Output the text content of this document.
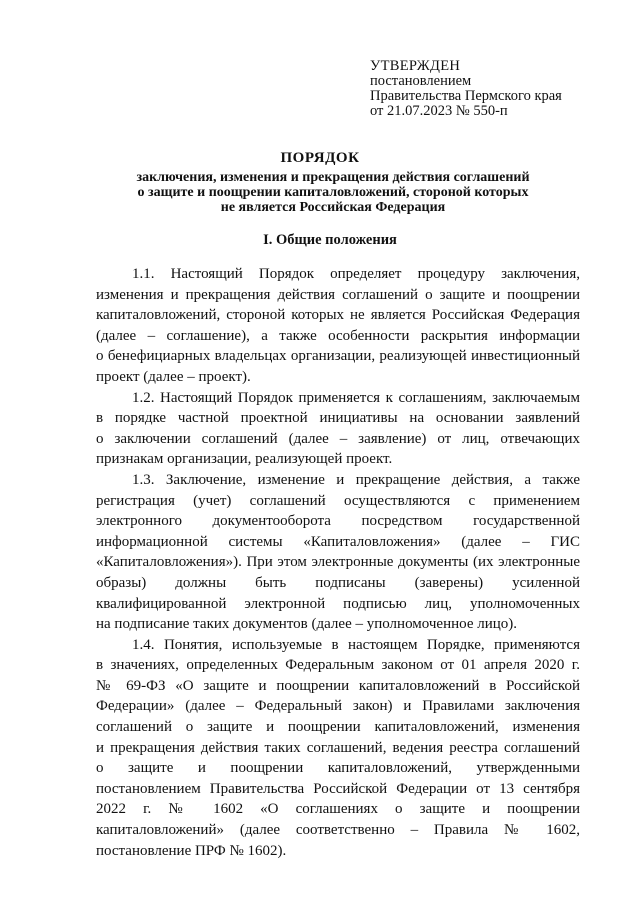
УТВЕРЖДЕН
постановлением
Правительства Пермского края
от 21.07.2023 № 550-п
ПОРЯДОК
заключения, изменения и прекращения действия соглашений
о защите и поощрении капиталовложений, стороной которых
не является Российская Федерация
I. Общие положения
1.1. Настоящий Порядок определяет процедуру заключения,
изменения и прекращения действия соглашений о защите и поощрении
капиталовложений, стороной которых не является Российская Федерация
(далее – соглашение), а также особенности раскрытия информации
о бенефициарных владельцах организации, реализующей инвестиционный
проект (далее – проект).
1.2. Настоящий Порядок применяется к соглашениям, заключаемым
в порядке частной проектной инициативы на основании заявлений
о заключении соглашений (далее – заявление) от лиц, отвечающих
признакам организации, реализующей проект.
1.3. Заключение, изменение и прекращение действия, а также
регистрация (учет) соглашений осуществляются с применением
электронного документооборота посредством государственной
информационной системы «Капиталовложения» (далее – ГИС
«Капиталовложения»). При этом электронные документы (их электронные
образы) должны быть подписаны (заверены) усиленной
квалифицированной электронной подписью лиц, уполномоченных
на подписание таких документов (далее – уполномоченное лицо).
1.4. Понятия, используемые в настоящем Порядке, применяются
в значениях, определенных Федеральным законом от 01 апреля 2020 г.
№ 69-ФЗ «О защите и поощрении капиталовложений в Российской
Федерации» (далее – Федеральный закон) и Правилами заключения
соглашений о защите и поощрении капиталовложений, изменения
и прекращения действия таких соглашений, ведения реестра соглашений
о защите и поощрении капиталовложений, утвержденными
постановлением Правительства Российской Федерации от 13 сентября
2022 г. № 1602 «О соглашениях о защите и поощрении
капиталовложений» (далее соответственно – Правила № 1602,
постановление ПРФ № 1602).
